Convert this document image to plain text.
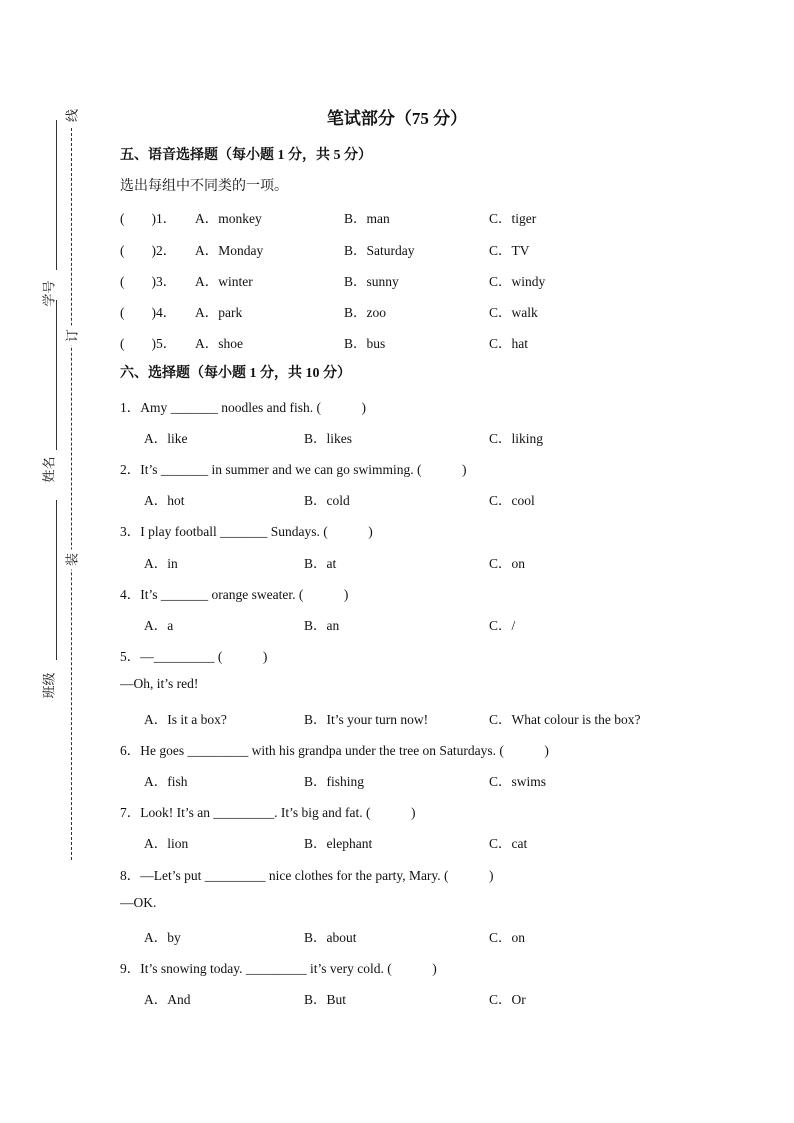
线
订
装
学号
姓名
班级
笔试部分（75 分）
五、语音选择题（每小题 1 分，共 5 分）
选出每组中不同类的一项。
(　　)1． A．monkey	B．man	C．tiger
(　　)2． A．Monday	B．Saturday	C．TV
(　　)3． A．winter	B．sunny	C．windy
(　　)4． A．park	B．zoo	C．walk
(　　)5． A．shoe	B．bus	C．hat
六、选择题（每小题 1 分，共 10 分）
1．Amy _______ noodles and fish. (　　　)
A．like	B．likes	C．liking
2．It’s _______ in summer and we can go swimming. (　　　)
A．hot	B．cold	C．cool
3．I play football _______ Sundays. (　　　)
A．in	B．at	C．on
4．It’s _______ orange sweater. (　　　)
A．a	B．an	C．/
5．—_________ (　　　)
—Oh, it’s red!
A．Is it a box?	B．It’s your turn now!	C．What colour is the box?
6．He goes _________ with his grandpa under the tree on Saturdays. (　　　)
A．fish	B．fishing	C．swims
7．Look! It’s an _________. It’s big and fat. (　　　)
A．lion	B．elephant	C．cat
8．—Let’s put _________ nice clothes for the party, Mary. (　　　)
—OK.
A．by	B．about	C．on
9．It’s snowing today. _________ it’s very cold. (　　　)
A．And	B．But	C．Or
